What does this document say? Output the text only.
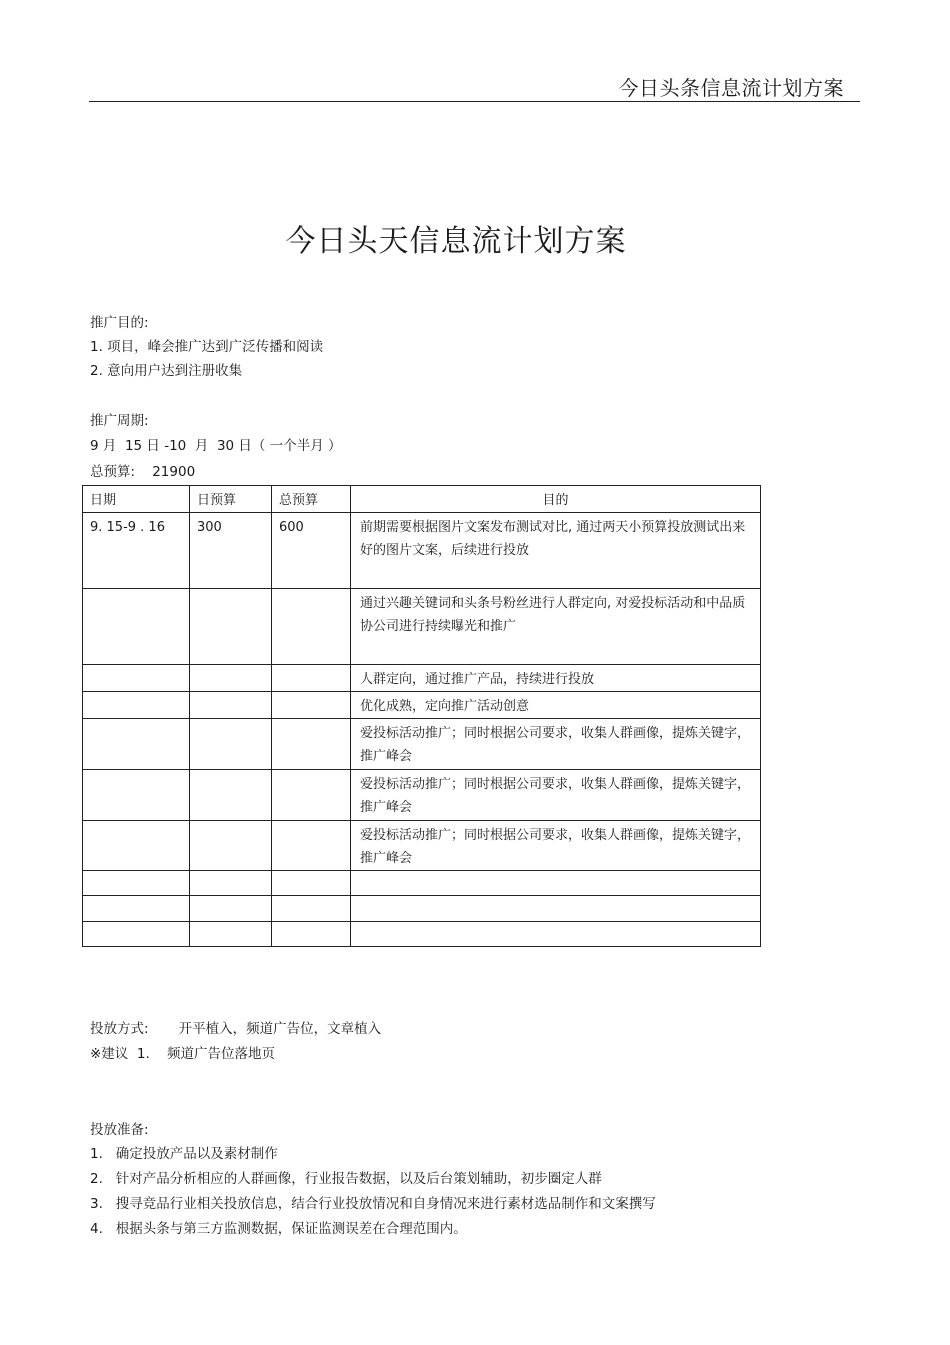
今日头条信息流计划方案
今日头天信息流计划方案
推广目的:
1. 项目，峰会推广达到广泛传播和阅读
2. 意向用户达到注册收集
推广周期:
9 月  15 日 -10  月  30 日（ 一个半月 ）
总预算:    21900
日期	日预算	总预算	目的
9. 15-9 . 16	300	600	前期需要根据图片文案发布测试对比, 通过两天小预算投放测试出来好的图片文案，后续进行投放
			通过兴趣关键词和头条号粉丝进行人群定向, 对爱投标活动和中品质协公司进行持续曝光和推广
			人群定向，通过推广产品，持续进行投放
			优化成熟，定向推广活动创意
			爱投标活动推广；同时根据公司要求，收集人群画像，提炼关键字，推广峰会
			爱投标活动推广；同时根据公司要求，收集人群画像，提炼关键字，推广峰会
			爱投标活动推广；同时根据公司要求，收集人群画像，提炼关键字，推广峰会

投放方式:       开平植入，频道广告位，文章植入
※建议  1.    频道广告位落地页
投放准备:
1.   确定投放产品以及素材制作
2.   针对产品分析相应的人群画像，行业报告数据，以及后台策划辅助，初步圈定人群
3.   搜寻竞品行业相关投放信息，结合行业投放情况和自身情况来进行素材选品制作和文案撰写
4.   根据头条与第三方监测数据，保证监测误差在合理范围内。
